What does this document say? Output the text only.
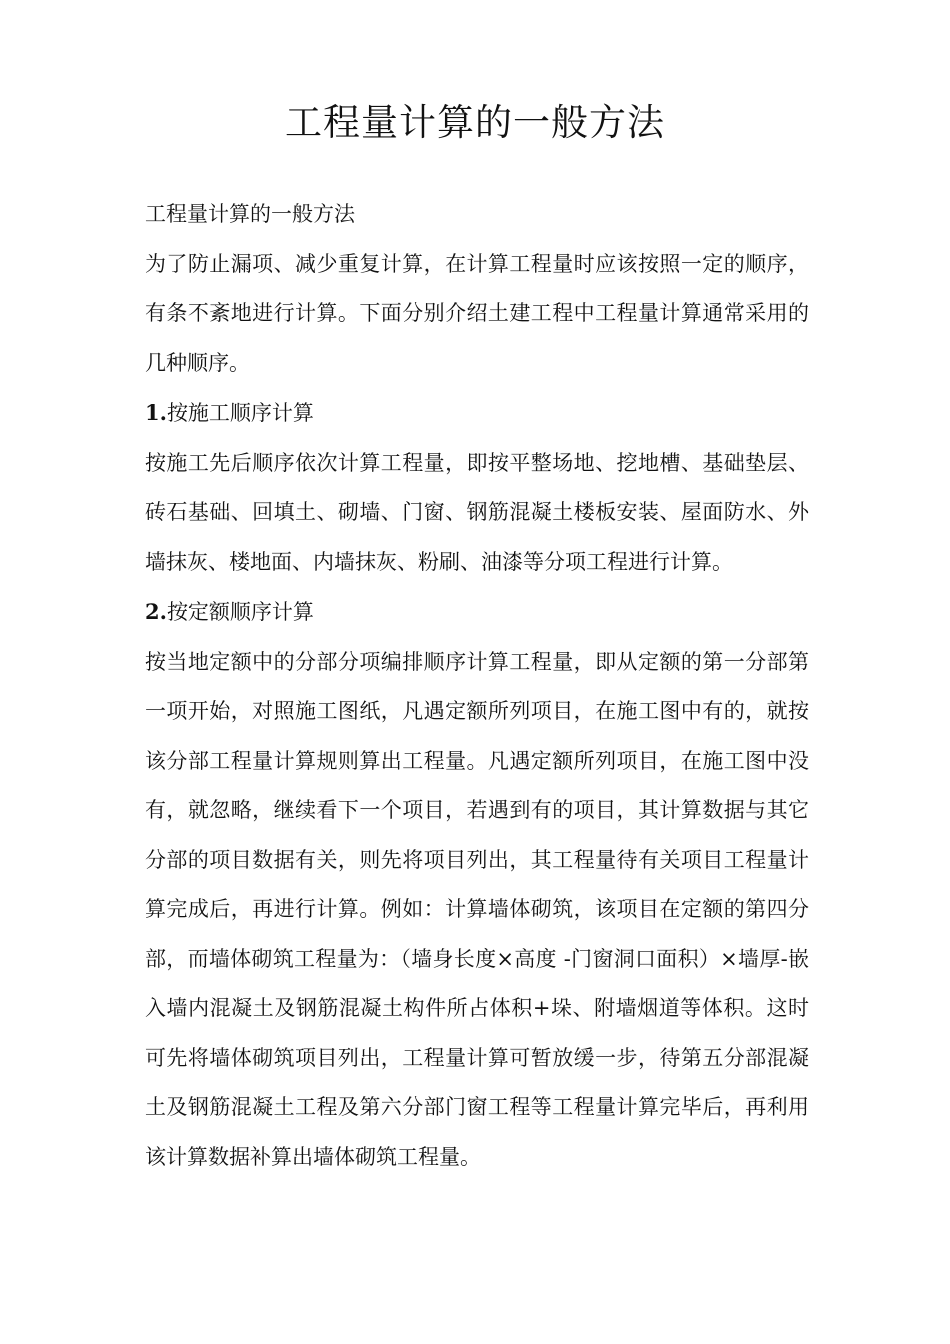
工程量计算的一般方法

工程量计算的一般方法

为了防止漏项、减少重复计算，在计算工程量时应该按照一定的顺序，有条不紊地进行计算。下面分别介绍土建工程中工程量计算通常采用的几种顺序。

1.按施工顺序计算

按施工先后顺序依次计算工程量，即按平整场地、挖地槽、基础垫层、砖石基础、回填土、砌墙、门窗、钢筋混凝土楼板安装、屋面防水、外墙抹灰、楼地面、内墙抹灰、粉刷、油漆等分项工程进行计算。

2.按定额顺序计算

按当地定额中的分部分项编排顺序计算工程量，即从定额的第一分部第一项开始，对照施工图纸，凡遇定额所列项目，在施工图中有的，就按该分部工程量计算规则算出工程量。凡遇定额所列项目，在施工图中没有，就忽略，继续看下一个项目，若遇到有的项目，其计算数据与其它分部的项目数据有关，则先将项目列出，其工程量待有关项目工程量计算完成后，再进行计算。例如：计算墙体砌筑，该项目在定额的第四分部，而墙体砌筑工程量为：（墙身长度×高度 -门窗洞口面积）×墙厚-嵌入墙内混凝土及钢筋混凝土构件所占体积+垛、附墙烟道等体积。这时可先将墙体砌筑项目列出，工程量计算可暂放缓一步，待第五分部混凝土及钢筋混凝土工程及第六分部门窗工程等工程量计算完毕后，再利用该计算数据补算出墙体砌筑工程量。
